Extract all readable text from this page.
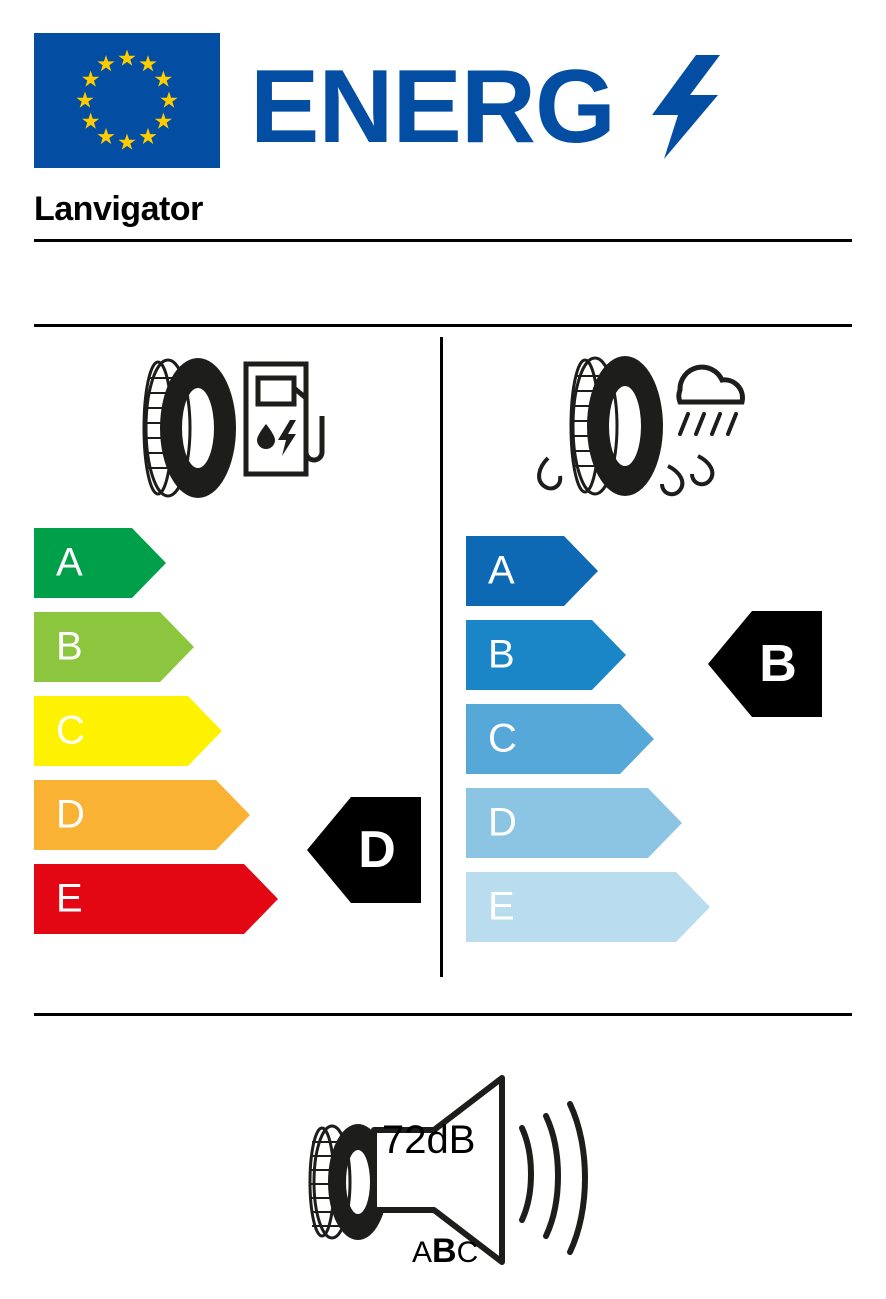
ENERG
Lanvigator
A
B
C
D
E
A
B
C
D
E
D
B
72dB
ABC
